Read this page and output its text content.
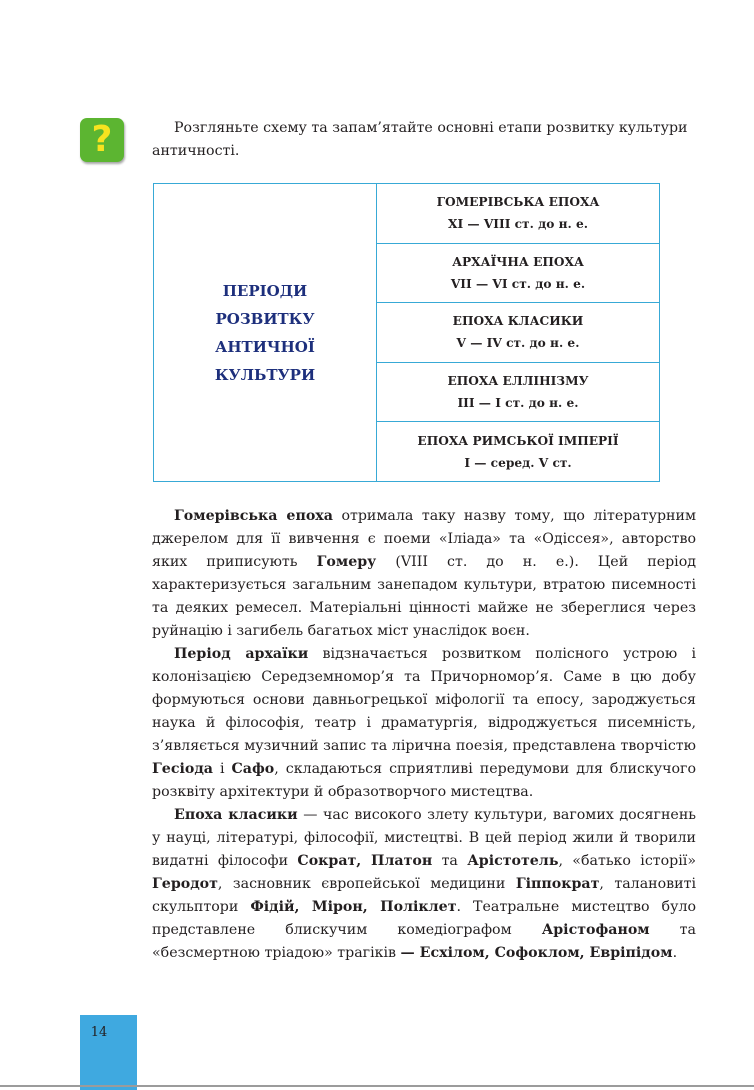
?	Розгляньте схему та запам’ятайте основні етапи розвитку культури античності.

ПЕРІОДИ
РОЗВИТКУ
АНТИЧНОЇ
КУЛЬТУРИ
ГОМЕРІВСЬКА ЕПОХА
XI — VIII ст. до н. е.
АРХАЇЧНА ЕПОХА
VII — VI ст. до н. е.
ЕПОХА КЛАСИКИ
V — IV ст. до н. е.
ЕПОХА ЕЛЛІНІЗМУ
III — I ст. до н. е.
ЕПОХА РИМСЬКОЇ ІМПЕРІЇ
I — серед. V ст.

Гомерівська епоха отримала таку назву тому, що літературним джерелом для її вивчення є поеми «Іліада» та «Одіссея», авторство яких приписують Гомеру (VIII ст. до н. е.). Цей період характеризується загальним занепадом культури, втратою писемності та деяких ремесел. Матеріальні цінності майже не збереглися через руйнацію і загибель багатьох міст унаслідок воєн.

Період архаїки відзначається розвитком полісного устрою і колонізацією Середземномор’я та Причорномор’я. Саме в цю добу формуються основи давньогрецької міфології та епосу, зароджується наука й філософія, театр і драматургія, відроджується писемність, з’являється музичний запис та лірична поезія, представлена творчістю Гесіода і Сафо, складаються сприятливі передумови для блискучого розквіту архітектури й образотворчого мистецтва.

Епоха класики — час високого злету культури, вагомих досягнень у науці, літературі, філософії, мистецтві. В цей період жили й творили видатні філософи Сократ, Платон та Арістотель, «батько історії» Геродот, засновник європейської медицини Гіппократ, талановиті скульптори Фідій, Мірон, Поліклет. Театральне мистецтво було представлене блискучим комедіографом Арістофаном та «безсмертною тріадою» трагіків — Есхілом, Софоклом, Евріпідом.

14
